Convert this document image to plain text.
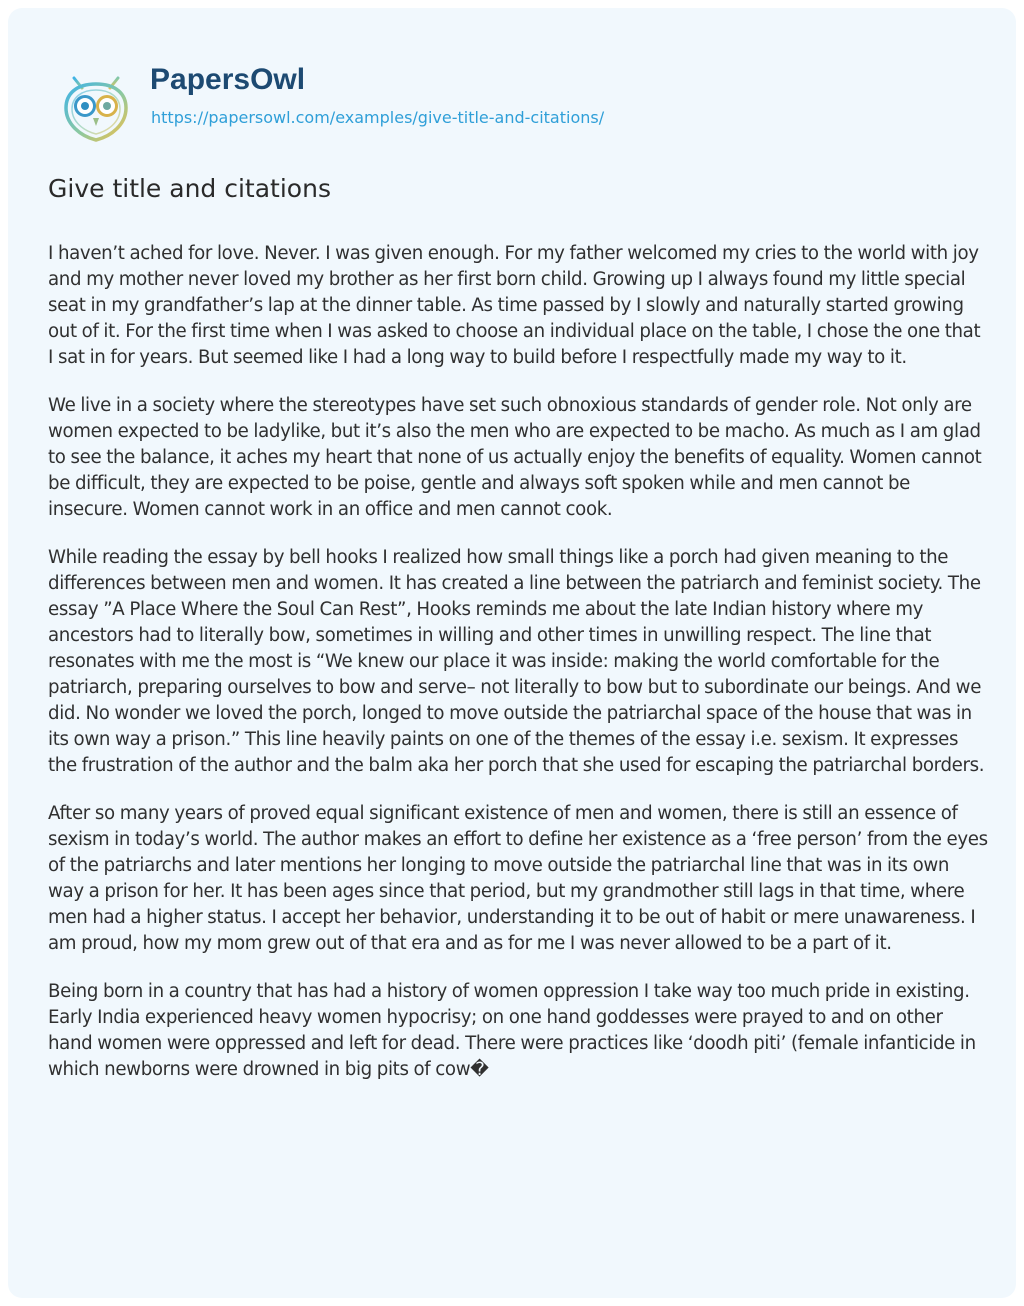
PapersOwl
https://papersowl.com/examples/give-title-and-citations/
Give title and citations

I haven’t ached for love. Never. I was given enough. For my father welcomed my cries to the world with joy and my mother never loved my brother as her first born child. Growing up I always found my little special seat in my grandfather’s lap at the dinner table. As time passed by I slowly and naturally started growing out of it. For the first time when I was asked to choose an individual place on the table, I chose the one that I sat in for years. But seemed like I had a long way to build before I respectfully made my way to it.

We live in a society where the stereotypes have set such obnoxious standards of gender role. Not only are women expected to be ladylike, but it’s also the men who are expected to be macho. As much as I am glad to see the balance, it aches my heart that none of us actually enjoy the benefits of equality. Women cannot be difficult, they are expected to be poise, gentle and always soft spoken while and men cannot be insecure. Women cannot work in an office and men cannot cook.

While reading the essay by bell hooks I realized how small things like a porch had given meaning to the differences between men and women. It has created a line between the patriarch and feminist society. The essay ”A Place Where the Soul Can Rest”, Hooks reminds me about the late Indian history where my ancestors had to literally bow, sometimes in willing and other times in unwilling respect. The line that resonates with me the most is “We knew our place it was inside: making the world comfortable for the patriarch, preparing ourselves to bow and serve– not literally to bow but to subordinate our beings. And we did. No wonder we loved the porch, longed to move outside the patriarchal space of the house that was in its own way a prison.” This line heavily paints on one of the themes of the essay i.e. sexism. It expresses the frustration of the author and the balm aka her porch that she used for escaping the patriarchal borders.

After so many years of proved equal significant existence of men and women, there is still an essence of sexism in today’s world. The author makes an effort to define her existence as a ‘free person’ from the eyes of the patriarchs and later mentions her longing to move outside the patriarchal line that was in its own way a prison for her. It has been ages since that period, but my grandmother still lags in that time, where men had a higher status. I accept her behavior, understanding it to be out of habit or mere unawareness. I am proud, how my mom grew out of that era and as for me I was never allowed to be a part of it.

Being born in a country that has had a history of women oppression I take way too much pride in existing. Early India experienced heavy women hypocrisy; on one hand goddesses were prayed to and on other hand women were oppressed and left for dead. There were practices like ‘doodh piti’ (female infanticide in which newborns were drowned in big pits of cow�
